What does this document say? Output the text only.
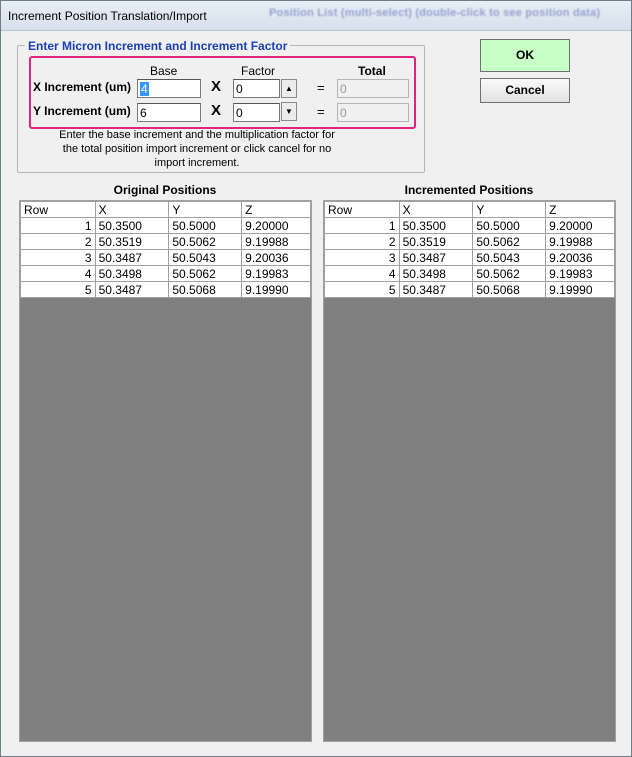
Increment Position Translation/Import	Position List (multi-select) (double-click to see position data)
Enter Micron Increment and Increment Factor
Base	Factor	Total
X Increment (um) 4	X 0	▲	= 0
Y Increment (um) 6	X 0	▼	= 0
Enter the base increment and the multiplication factor for the total position import increment or click cancel for no import increment.
OK
Cancel
Original Positions
Row	X	Y	Z
1	50.3500	50.5000	9.20000
2	50.3519	50.5062	9.19988
3	50.3487	50.5043	9.20036
4	50.3498	50.5062	9.19983
5	50.3487	50.5068	9.19990
Incremented Positions
Row	X	Y	Z
1	50.3500	50.5000	9.20000
2	50.3519	50.5062	9.19988
3	50.3487	50.5043	9.20036
4	50.3498	50.5062	9.19983
5	50.3487	50.5068	9.19990
